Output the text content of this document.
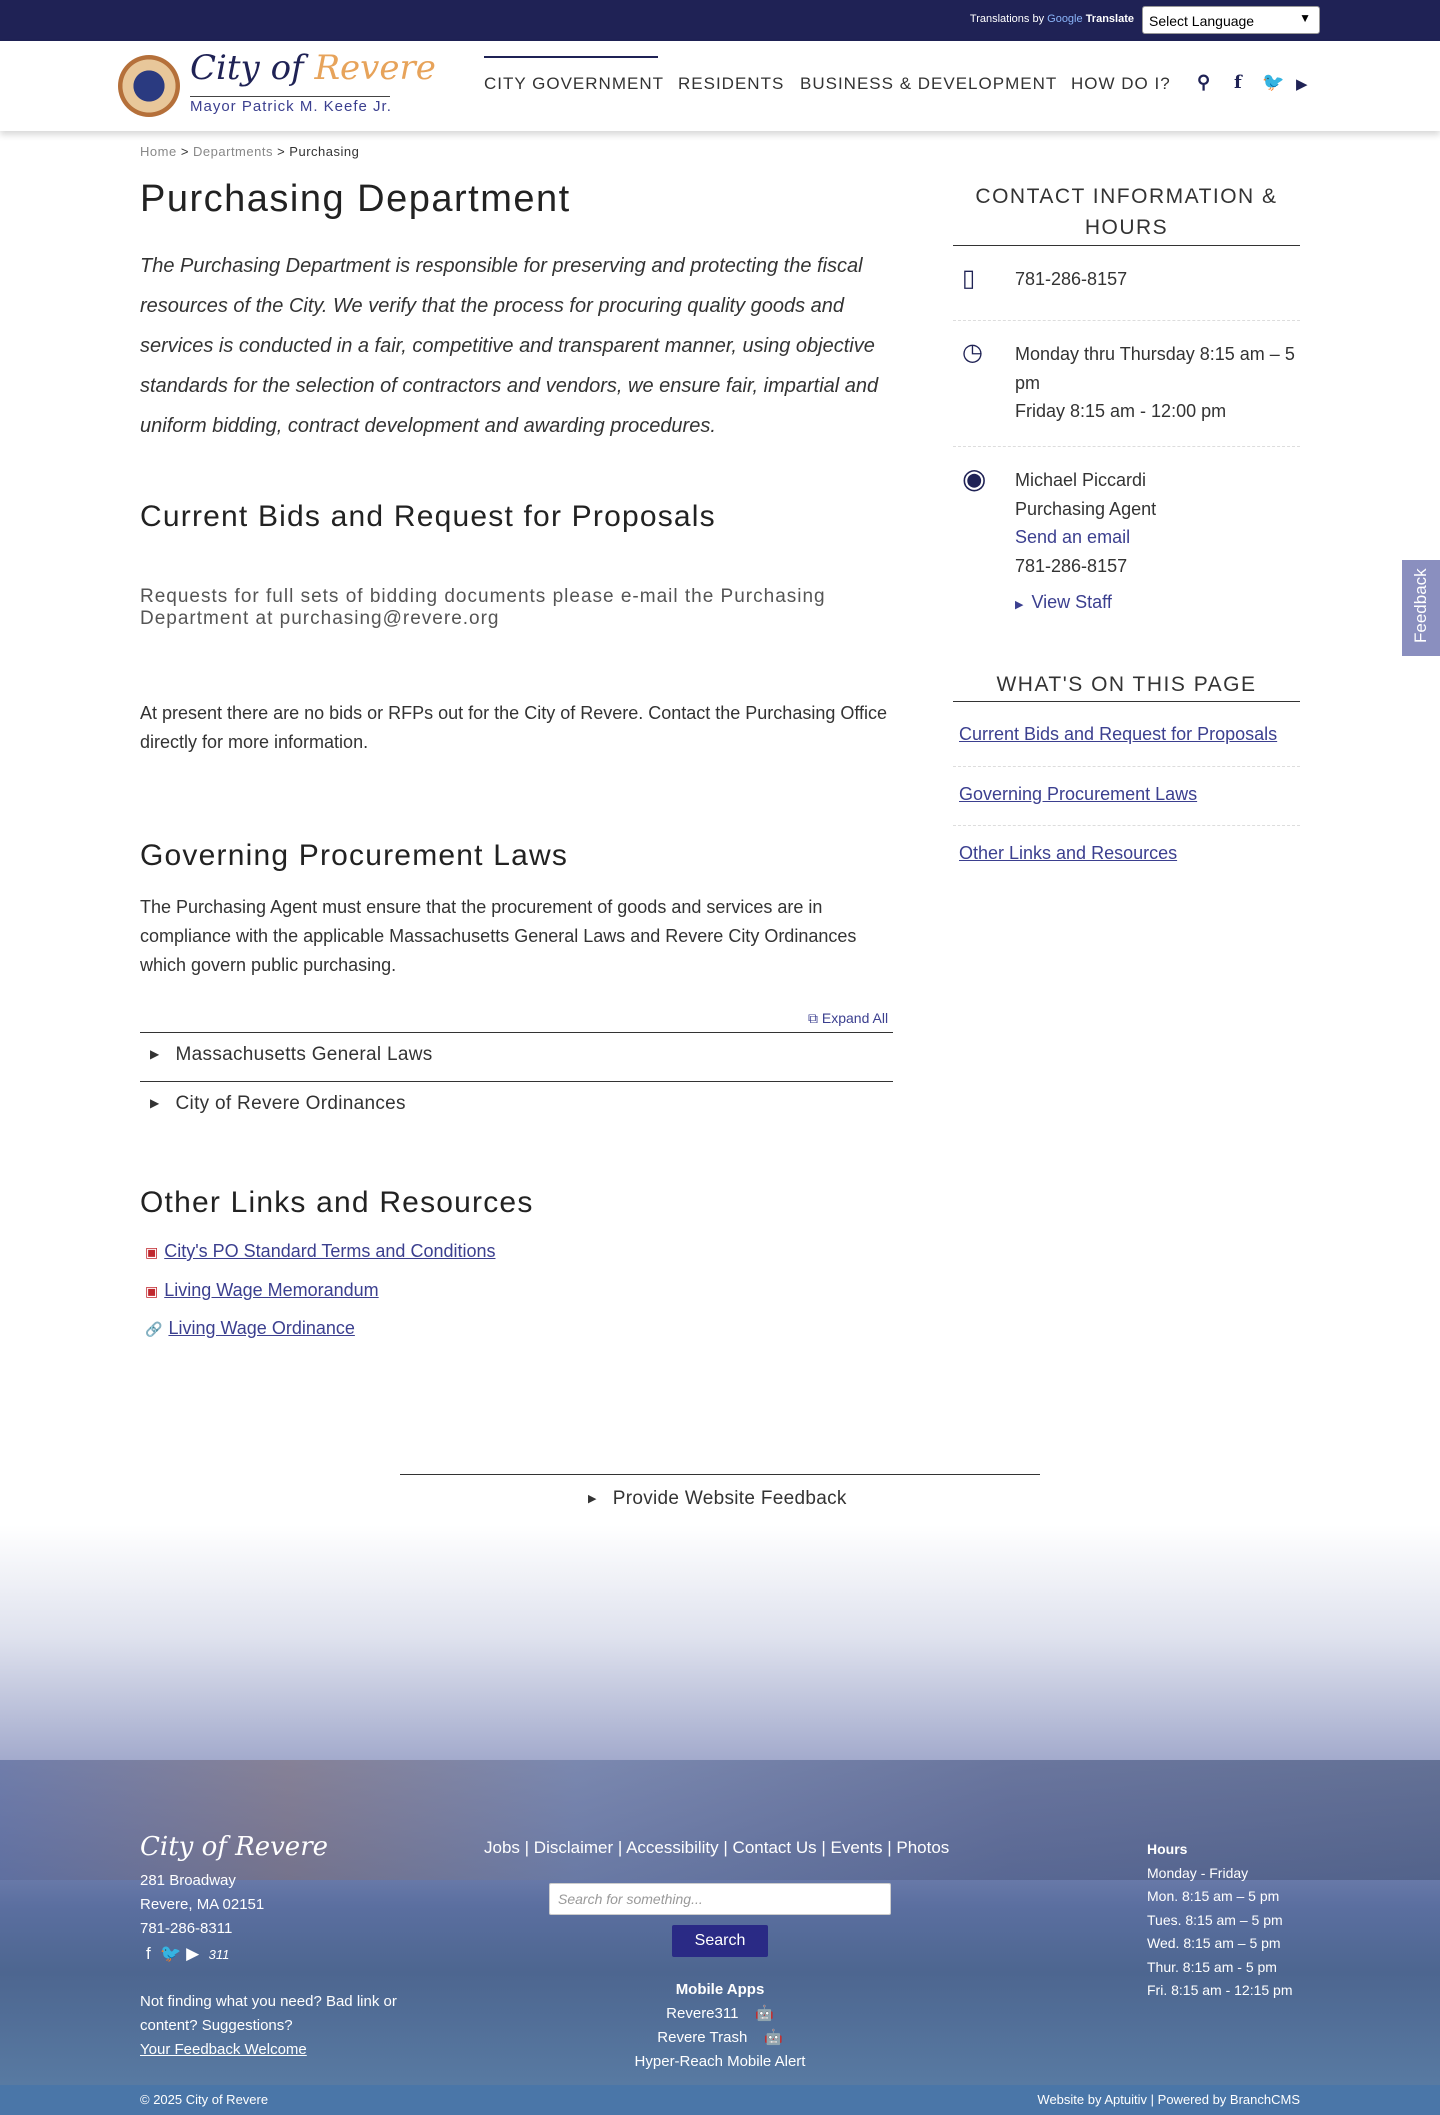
Translations by Google Translate	Select Language	▼
City of Revere
Mayor Patrick M. Keefe Jr.
CITY GOVERNMENT RESIDENTS BUSINESS & DEVELOPMENT HOW DO I? ⚲ f 🐦 ▶
Home > Departments > Purchasing
Purchasing Department
The Purchasing Department is responsible for preserving and protecting the fiscal resources of the City. We verify that the process for procuring quality goods and services is conducted in a fair, competitive and transparent manner, using objective standards for the selection of contractors and vendors, we ensure fair, impartial and uniform bidding, contract development and awarding procedures.
Current Bids and Request for Proposals
Requests for full sets of bidding documents please e-mail the Purchasing Department at purchasing@revere.org
At present there are no bids or RFPs out for the City of Revere. Contact the Purchasing Office directly for more information.
Governing Procurement Laws
The Purchasing Agent must ensure that the procurement of goods and services are in compliance with the applicable Massachusetts General Laws and Revere City Ordinances which govern public purchasing.
⧉ Expand All
▶ Massachusetts General Laws
▶ City of Revere Ordinances
Other Links and Resources
▣ City's PO Standard Terms and Conditions
▣ Living Wage Memorandum
🔗 Living Wage Ordinance
CONTACT INFORMATION & HOURS
▯ 781-286-8157
◷ Monday thru Thursday 8:15 am – 5 pm
Friday 8:15 am - 12:00 pm
◉ Michael Piccardi
Purchasing Agent
Send an email
781-286-8157
▶ View Staff
WHAT'S ON THIS PAGE
Current Bids and Request for Proposals
Governing Procurement Laws
Other Links and Resources
Feedback
▶ Provide Website Feedback
City of Revere
281 Broadway
Revere, MA 02151
781-286-8311
f 🐦 ▶ 311
Not finding what you need? Bad link or content? Suggestions?
Your Feedback Welcome
Jobs | Disclaimer | Accessibility | Contact Us | Events | Photos
Search for something...
Search
Mobile Apps
Revere311 🤖
Revere Trash 🤖
Hyper-Reach Mobile Alert
Hours
Monday - Friday
Mon. 8:15 am – 5 pm
Tues. 8:15 am – 5 pm
Wed. 8:15 am – 5 pm
Thur. 8:15 am - 5 pm
Fri. 8:15 am - 12:15 pm
© 2025 City of Revere	Website by Aptuitiv | Powered by BranchCMS
